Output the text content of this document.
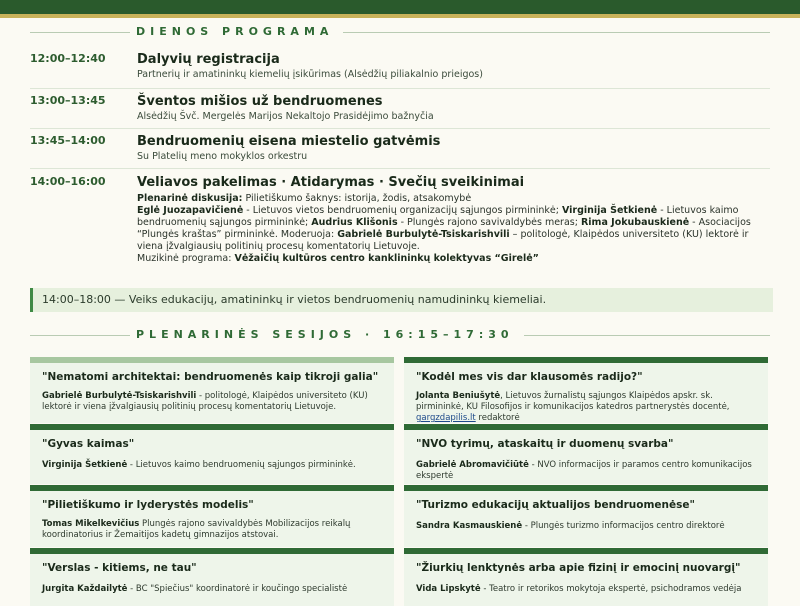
DIENOS PROGRAMA
12:00–12:40 Dalyvių registracija
Partnerių ir amatininkų kiemelių įsikūrimas (Alsėdžių piliakalnio prieigos)
13:00–13:45 Šventos mišios už bendruomenes
Alsėdžių Švč. Mergelės Marijos Nekaltojo Prasidėjimo bažnyčia
13:45–14:00 Bendruomenių eisena miestelio gatvėmis
Su Platelių meno mokyklos orkestru
14:00–16:00 Veliavos pakelimas · Atidarymas · Svečių sveikinimai
Plenarinė diskusija: Pilietiškumo šaknys: istorija, žodis, atsakomybė
Eglė Juozapavičienė - Lietuvos vietos bendruomenių organizacijų sąjungos pirmininkė; Virginija Šetkienė - Lietuvos kaimo bendruomenių sąjungos pirmininkė; Audrius Klišonis - Plungės rajono savivaldybės meras; Rima Jokubauskienė - Asociacijos “Plungės kraštas” pirmininkė. Moderuoja: Gabrielė Burbulytė-Tsiskarishvili – politologė, Klaipėdos universiteto (KU) lektorė ir viena įžvalgiausių politinių procesų komentatorių Lietuvoje.
Muzikinė programa: Vėžaičių kultūros centro kanklininkų kolektyvas “Girelė”
14:00–18:00 — Veiks edukacijų, amatininkų ir vietos bendruomenių namudininkų kiemeliai.
PLENARINĖS SESIJOS · 16:15–17:30
"Nematomi architektai: bendruomenės kaip tikroji galia"
Gabrielė Burbulytė-Tsiskarishvili - politologė, Klaipėdos universiteto (KU) lektorė ir viena įžvalgiausių politinių procesų komentatorių Lietuvoje.
"Gyvas kaimas"
Virginija Šetkienė - Lietuvos kaimo bendruomenių sąjungos pirmininkė.
"Pilietiškumo ir lyderystės modelis"
Tomas Mikelkevičius Plungės rajono savivaldybės Mobilizacijos reikalų koordinatorius ir Žemaitijos kadetų gimnazijos atstovai.
"Verslas - kitiems, ne tau"
Jurgita Každailytė - BC "Spiečius" koordinatorė ir koučingo specialistė
"Kodėl mes vis dar klausomės radijo?"
Jolanta Beniušytė, Lietuvos žurnalistų sąjungos Klaipėdos apskr. sk. pirmininkė, KU Filosofijos ir komunikacijos katedros partnerystės docentė, gargzdapilis.lt redaktorė
"NVO tyrimų, ataskaitų ir duomenų svarba"
Gabrielė Abromavičiūtė - NVO informacijos ir paramos centro komunikacijos ekspertė
"Turizmo edukacijų aktualijos bendruomenėse"
Sandra Kasmauskienė - Plungės turizmo informacijos centro direktorė
"Žiurkių lenktynės arba apie fizinį ir emocinį nuovargį"
Vida Lipskytė - Teatro ir retorikos mokytoja ekspertė, psichodramos vedėja
